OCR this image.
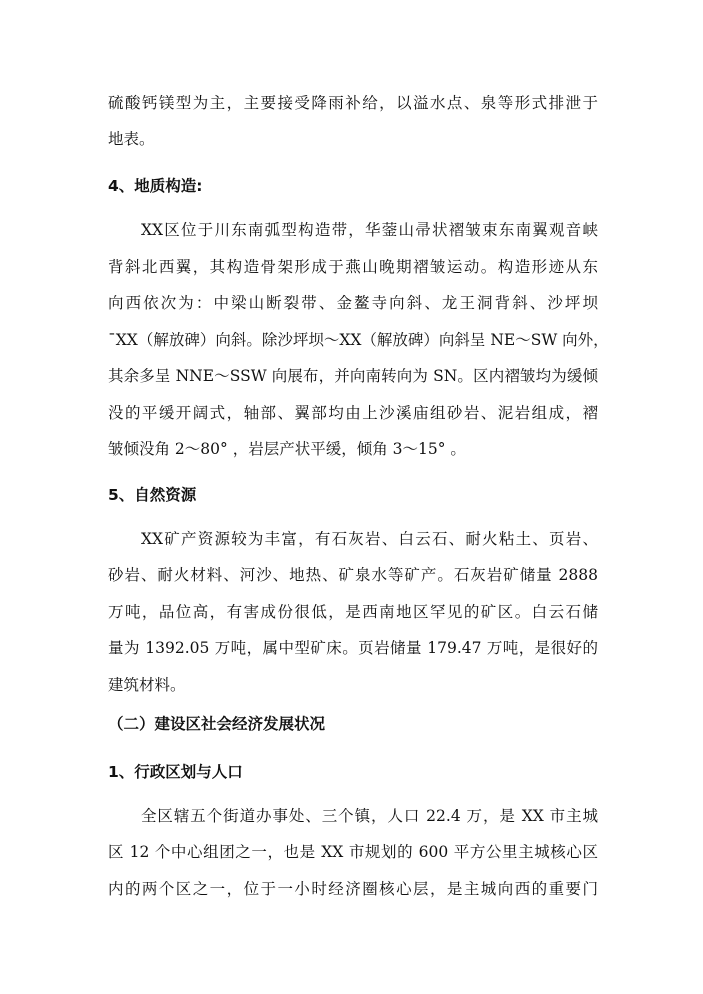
硫酸钙镁型为主，主要接受降雨补给，以溢水点、泉等形式排泄于
地表。
4、地质构造:
XX区位于川东南弧型构造带，华蓥山帚状褶皱束东南翼观音峡
背斜北西翼，其构造骨架形成于燕山晚期褶皱运动。构造形迹从东
向西依次为：中梁山断裂带、金鳌寺向斜、龙王洞背斜、沙坪坝
¯XX（解放碑）向斜。除沙坪坝～XX（解放碑）向斜呈 NE～SW 向外，
其余多呈 NNE～SSW 向展布，并向南转向为 SN。区内褶皱均为缓倾
没的平缓开阔式，轴部、翼部均由上沙溪庙组砂岩、泥岩组成，褶
皱倾没角 2～80° ，岩层产状平缓，倾角 3～15° 。
5、自然资源
XX矿产资源较为丰富，有石灰岩、白云石、耐火粘土、页岩、
砂岩、耐火材料、河沙、地热、矿泉水等矿产。石灰岩矿储量 2888
万吨，品位高，有害成份很低，是西南地区罕见的矿区。白云石储
量为 1392.05 万吨，属中型矿床。页岩储量 179.47 万吨，是很好的
建筑材料。
（二）建设区社会经济发展状况
1、行政区划与人口
全区辖五个街道办事处、三个镇，人口 22.4 万，是 XX 市主城
区 12 个中心组团之一，也是 XX 市规划的 600 平方公里主城核心区
内的两个区之一，位于一小时经济圈核心层，是主城向西的重要门
